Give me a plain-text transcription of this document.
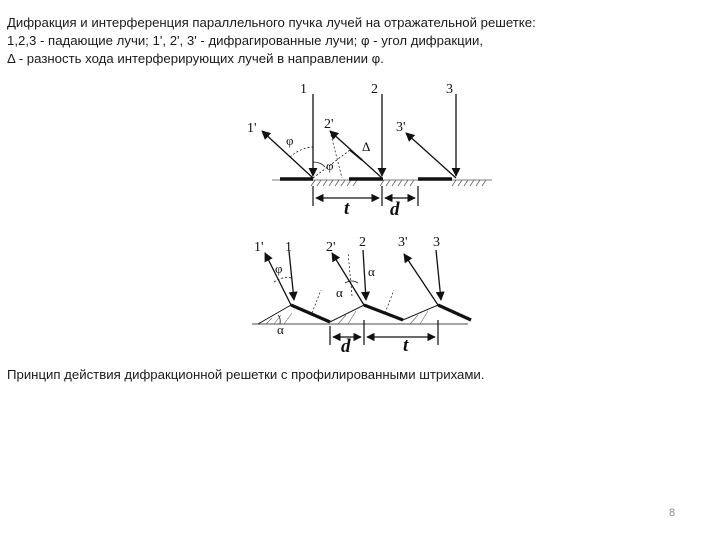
Дифракция и интерференция параллельного пучка лучей на отражательной решетке:
1,2,3 - падающие лучи; 1', 2', 3' - дифрагированные лучи; φ - угол дифракции,
Δ - разность хода интерферирующих лучей в направлении φ.
1	2	3
1'	2'	3'
φ
φ
Δ
t d
1	2	3
1'	2'	3'
φ	α
α
α
d	t
Принцип действия дифракционной решетки с профилированными штрихами.
8
